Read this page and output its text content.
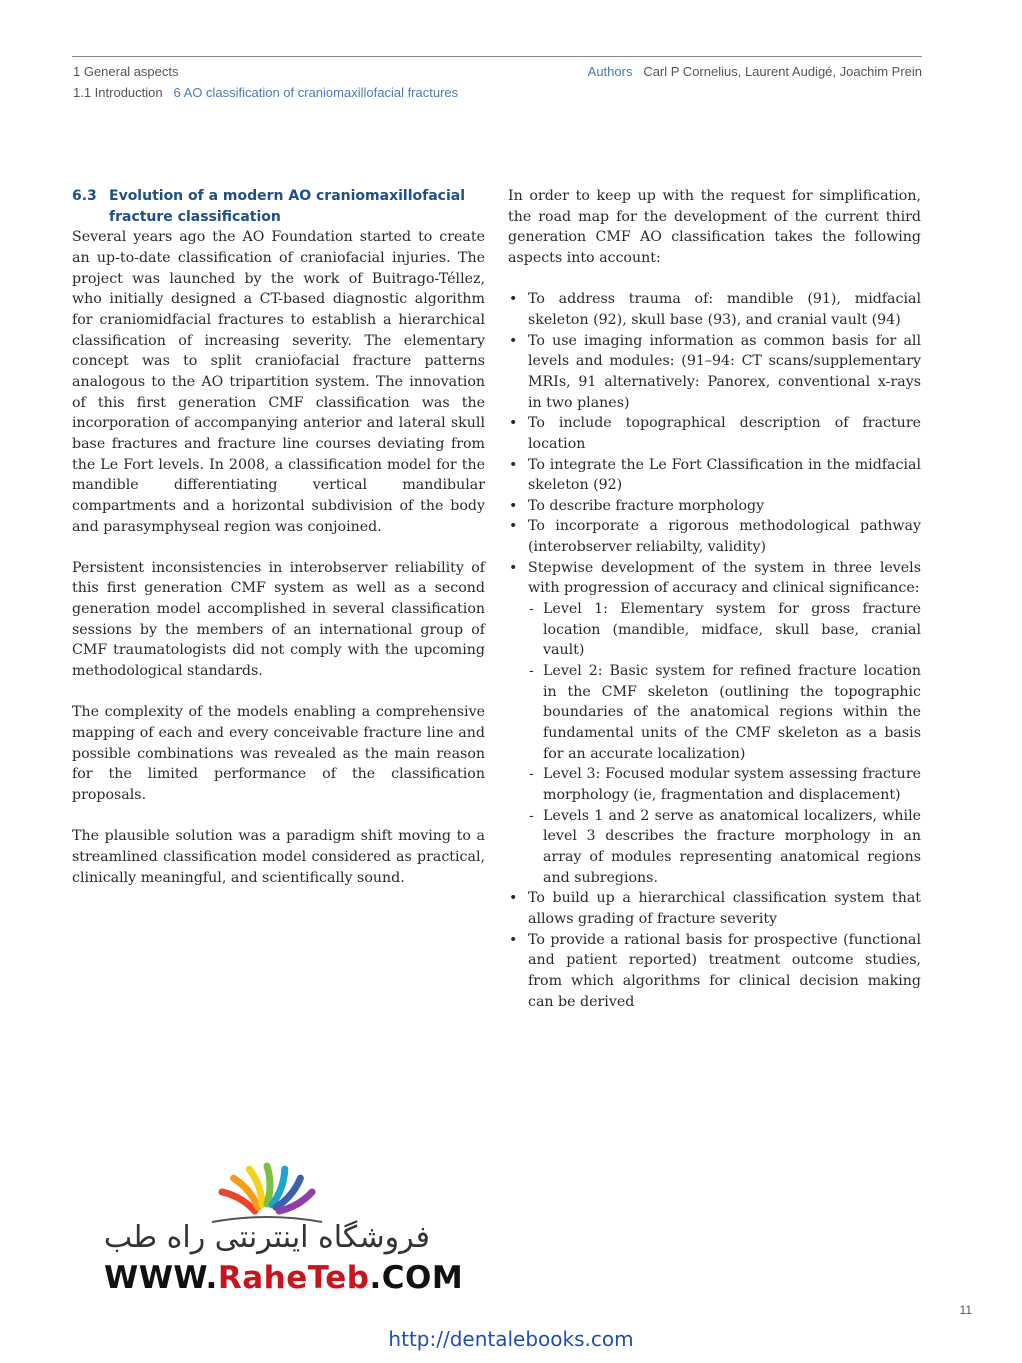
1 General aspects
1.1 Introduction 6 AO classification of craniomaxillofacial fractures
Authors Carl P Cornelius, Laurent Audigé, Joachim Prein
6.3 Evolution of a modern AO craniomaxillofacial fracture classification

Several years ago the AO Foundation started to create an up-to-date classification of craniofacial injuries. The project was launched by the work of Buitrago-Téllez, who initially designed a CT-based diagnostic algorithm for craniomidfacial fractures to establish a hierarchical classification of increasing severity. The elementary concept was to split craniofacial fracture patterns analogous to the AO tripartition system. The innovation of this first generation CMF classification was the incorporation of accompanying anterior and lateral skull base fractures and fracture line courses deviating from the Le Fort levels. In 2008, a classification model for the mandible differentiating vertical mandibular compartments and a horizontal subdivision of the body and parasymphyseal region was conjoined.

Persistent inconsistencies in interobserver reliability of this first generation CMF system as well as a second generation model accomplished in several classification sessions by the members of an international group of CMF traumatologists did not comply with the upcoming methodological standards.

The complexity of the models enabling a comprehensive mapping of each and every conceivable fracture line and possible combinations was revealed as the main reason for the limited performance of the classification proposals.

The plausible solution was a paradigm shift moving to a streamlined classification model considered as practical, clinically meaningful, and scientifically sound.

In order to keep up with the request for simplification, the road map for the development of the current third generation CMF AO classification takes the following aspects into account:

• To address trauma of: mandible (91), midfacial skeleton (92), skull base (93), and cranial vault (94)
• To use imaging information as common basis for all levels and modules: (91–94: CT scans/supplementary MRIs, 91 alternatively: Panorex, conventional x-rays in two planes)
• To include topographical description of fracture location
• To integrate the Le Fort Classification in the midfacial skeleton (92)
• To describe fracture morphology
• To incorporate a rigorous methodological pathway (interobserver reliabilty, validity)
• Stepwise development of the system in three levels with progression of accuracy and clinical significance:
- Level 1: Elementary system for gross fracture location (mandible, midface, skull base, cranial vault)
- Level 2: Basic system for refined fracture location in the CMF skeleton (outlining the topographic boundaries of the anatomical regions within the fundamental units of the CMF skeleton as a basis for an accurate localization)
- Level 3: Focused modular system assessing fracture morphology (ie, fragmentation and displacement)
- Levels 1 and 2 serve as anatomical localizers, while level 3 describes the fracture morphology in an array of modules representing anatomical regions and subregions.
• To build up a hierarchical classification system that allows grading of fracture severity
• To provide a rational basis for prospective (functional and patient reported) treatment outcome studies, from which algorithms for clinical decision making can be derived
فروشگاه اینترنتی راه طب
WWW.RaheTeb.COM
11
http://dentalebooks.com
